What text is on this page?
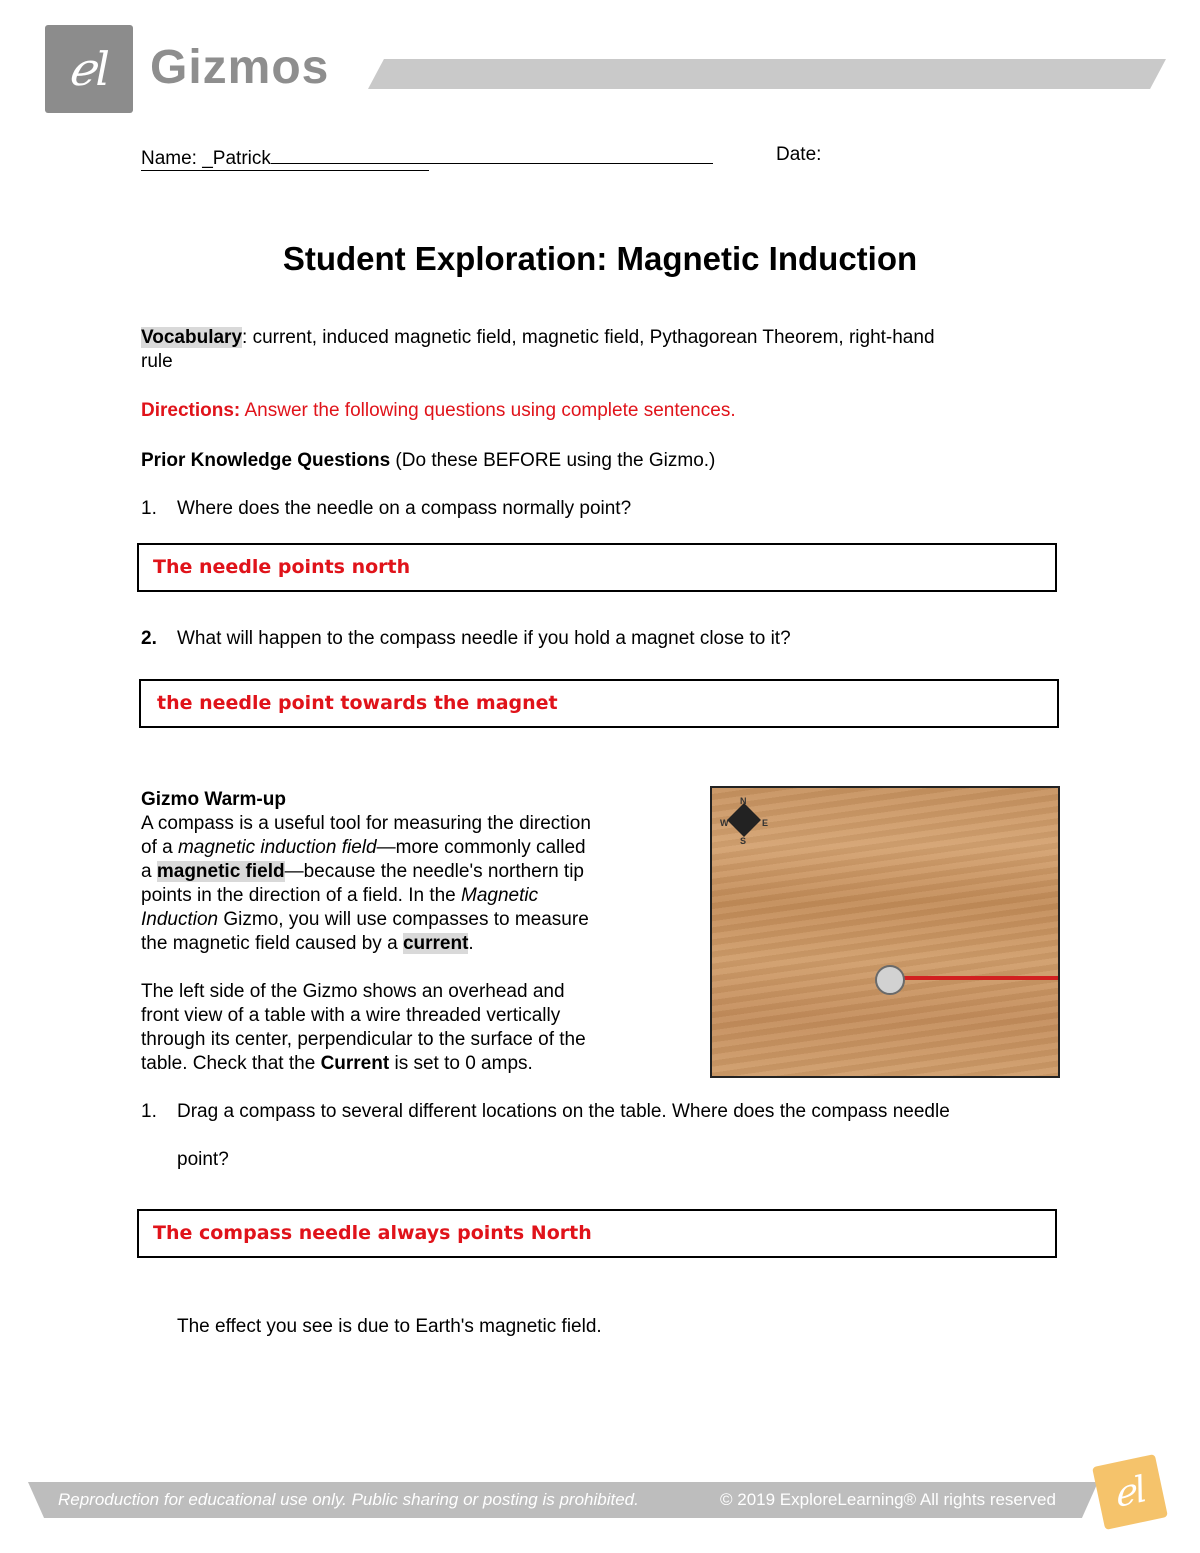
ℯl Gizmos
Name: _Patrick	Date:
Student Exploration: Magnetic Induction
Vocabulary: current, induced magnetic field, magnetic field, Pythagorean Theorem, right-hand
rule
Directions: Answer the following questions using complete sentences.
Prior Knowledge Questions (Do these BEFORE using the Gizmo.)
1. Where does the needle on a compass normally point?
The needle points north
2. What will happen to the compass needle if you hold a magnet close to it?
the needle point towards the magnet
Gizmo Warm-up
A compass is a useful tool for measuring the direction
of a magnetic induction field—more commonly called
a magnetic field—because the needle's northern tip
points in the direction of a field. In the Magnetic
Induction Gizmo, you will use compasses to measure
the magnetic field caused by a current.

The left side of the Gizmo shows an overhead and
front view of a table with a wire threaded vertically
through its center, perpendicular to the surface of the
table. Check that the Current is set to 0 amps.
N
S
W	E
1. Drag a compass to several different locations on the table. Where does the compass needle
point?
The compass needle always points North
The effect you see is due to Earth's magnetic field.
Reproduction for educational use only. Public sharing or posting is prohibited.	© 2019 ExploreLearning® All rights reserved	ℯl
